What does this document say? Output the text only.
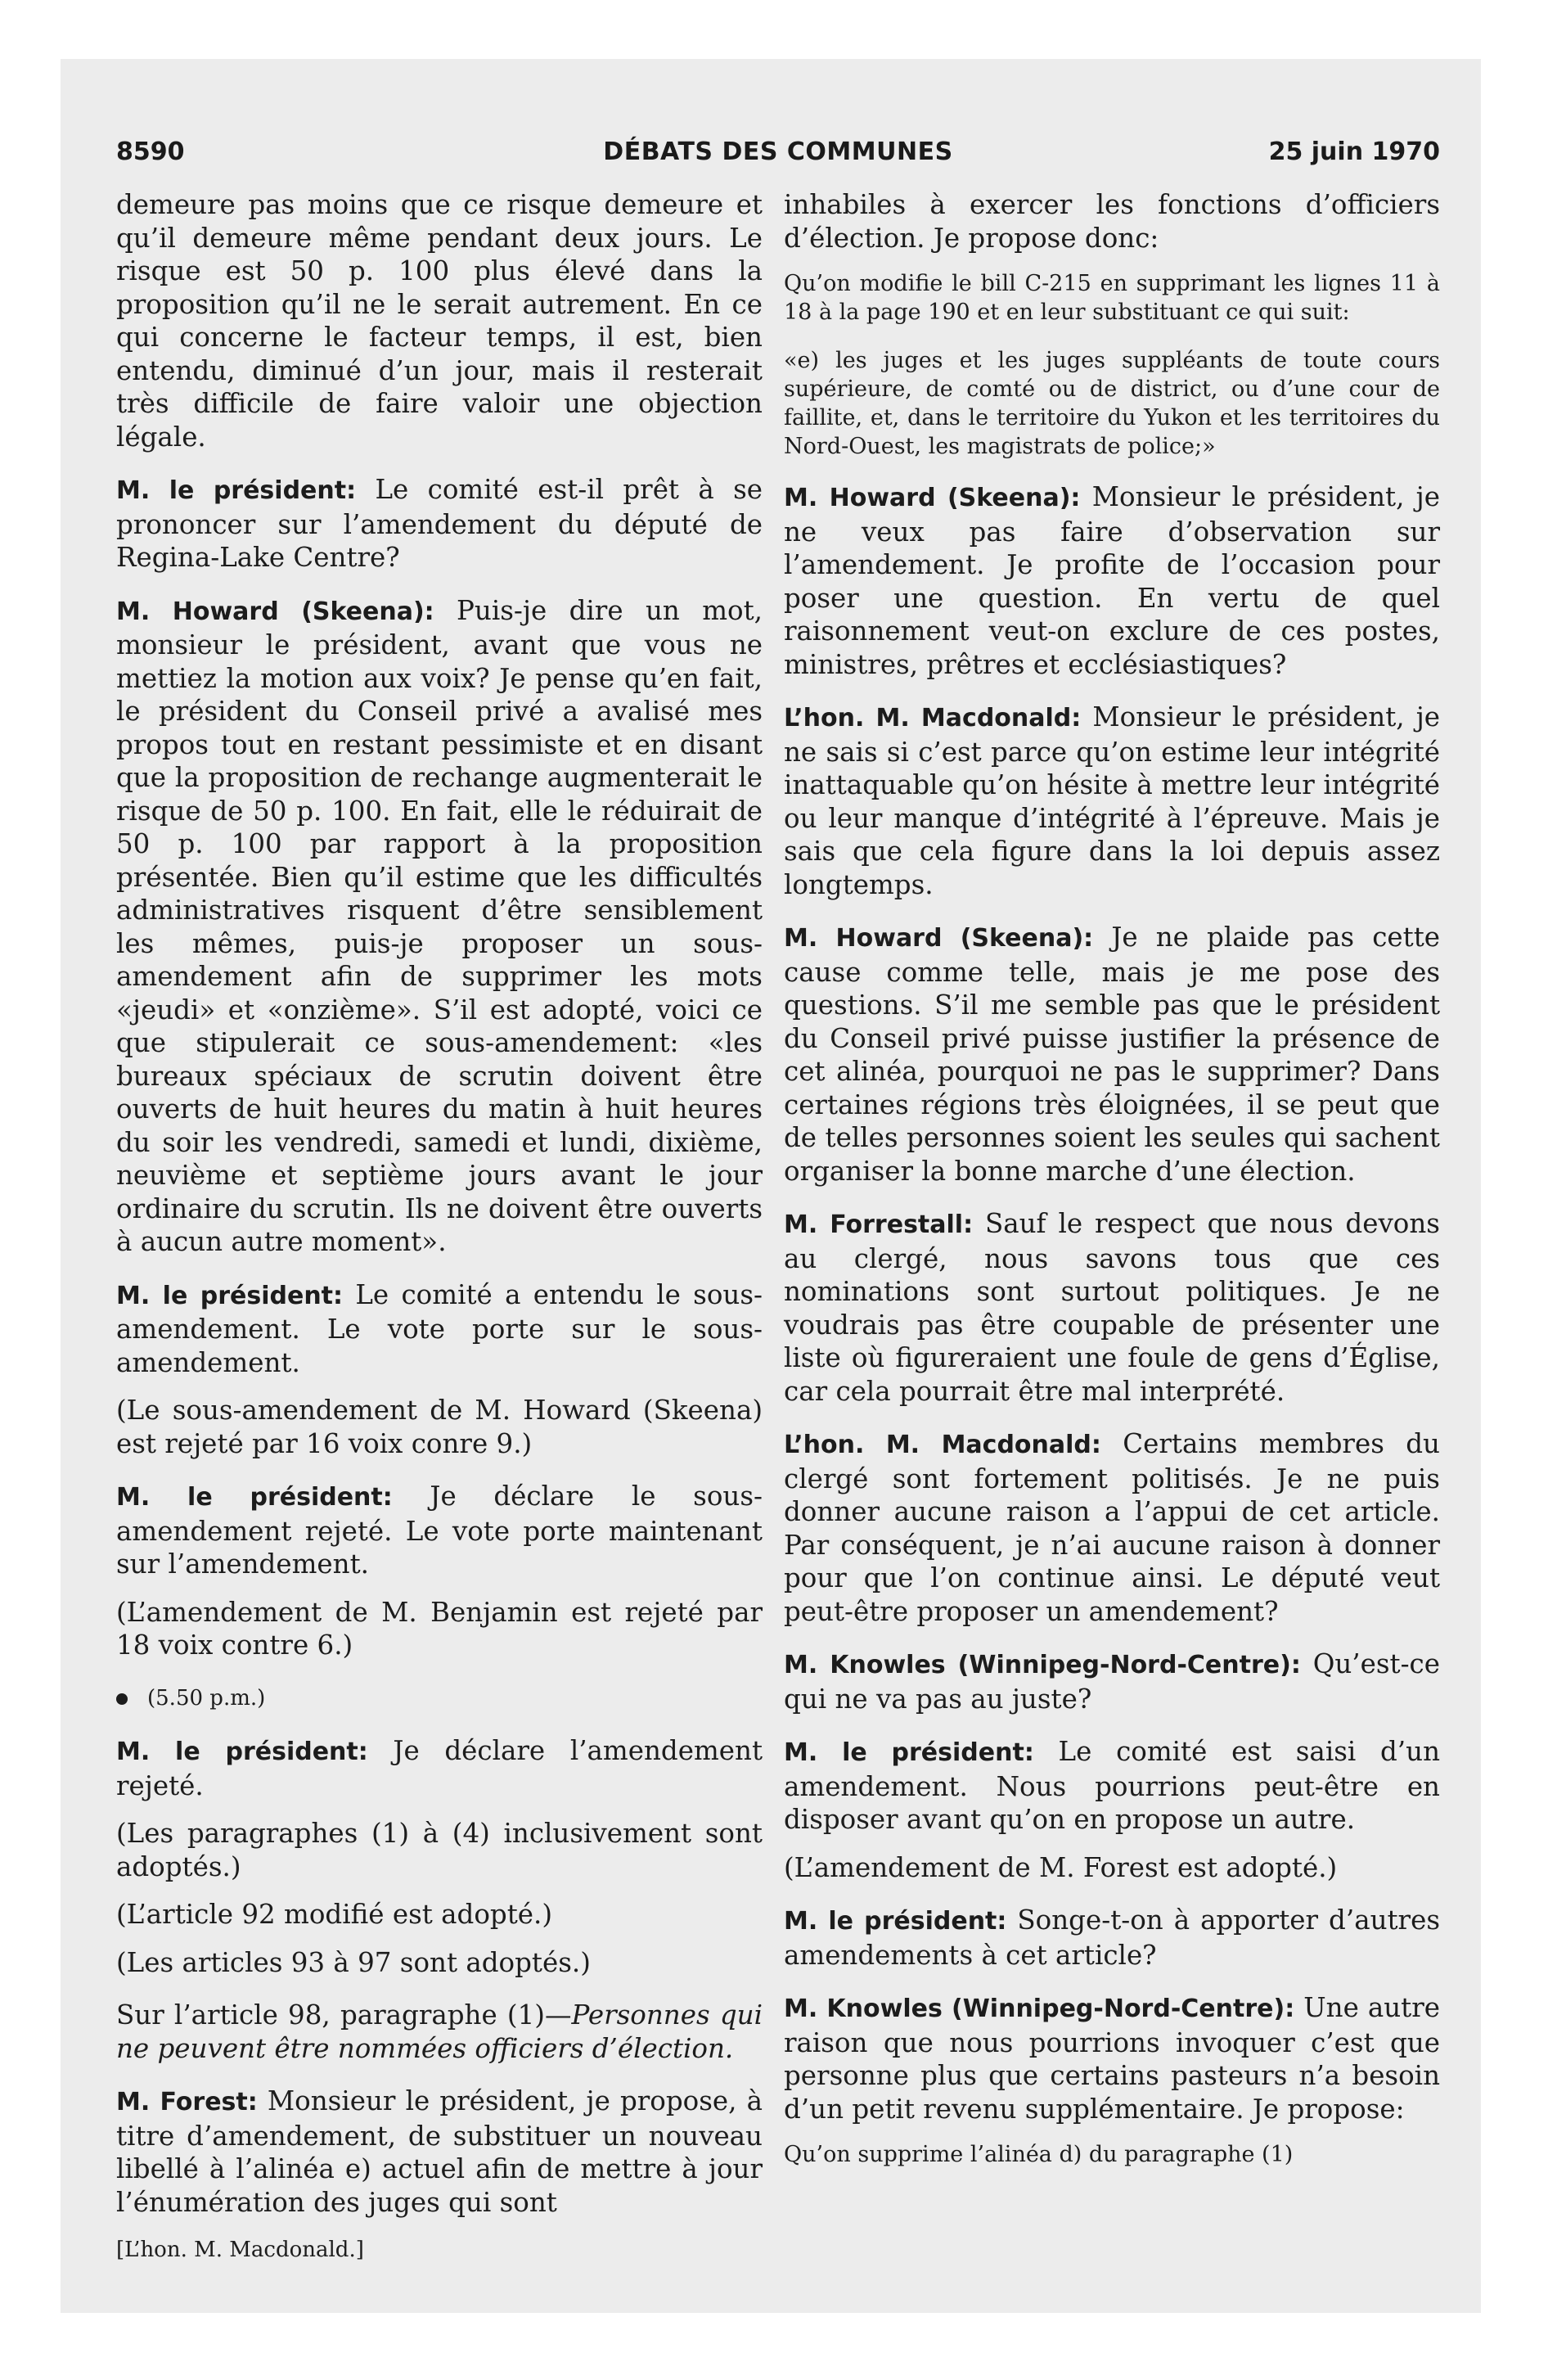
8590	DÉBATS DES COMMUNES	25 juin 1970

demeure pas moins que ce risque demeure et qu’il demeure même pendant deux jours. Le risque est 50 p. 100 plus élevé dans la proposition qu’il ne le serait autrement. En ce qui concerne le facteur temps, il est, bien entendu, diminué d’un jour, mais il resterait très difficile de faire valoir une objection légale.

M. le président: Le comité est-il prêt à se prononcer sur l’amendement du député de Regina-Lake Centre?

M. Howard (Skeena): Puis-je dire un mot, monsieur le président, avant que vous ne mettiez la motion aux voix? Je pense qu’en fait, le président du Conseil privé a avalisé mes propos tout en restant pessimiste et en disant que la proposition de rechange augmenterait le risque de 50 p. 100. En fait, elle le réduirait de 50 p. 100 par rapport à la proposition présentée. Bien qu’il estime que les difficultés administratives risquent d’être sensiblement les mêmes, puis-je proposer un sous-amendement afin de supprimer les mots «jeudi» et «onzième». S’il est adopté, voici ce que stipulerait ce sous-amendement: «les bureaux spéciaux de scrutin doivent être ouverts de huit heures du matin à huit heures du soir les vendredi, samedi et lundi, dixième, neuvième et septième jours avant le jour ordinaire du scrutin. Ils ne doivent être ouverts à aucun autre moment».

M. le président: Le comité a entendu le sous-amendement. Le vote porte sur le sous-amendement.

(Le sous-amendement de M. Howard (Skeena) est rejeté par 16 voix conre 9.)

M. le président: Je déclare le sous-amendement rejeté. Le vote porte maintenant sur l’amendement.

(L’amendement de M. Benjamin est rejeté par 18 voix contre 6.)

(5.50 p.m.)

M. le président: Je déclare l’amendement rejeté.

(Les paragraphes (1) à (4) inclusivement sont adoptés.)

(L’article 92 modifié est adopté.)

(Les articles 93 à 97 sont adoptés.)

Sur l’article 98, paragraphe (1)—Personnes qui ne peuvent être nommées officiers d’élection.

M. Forest: Monsieur le président, je propose, à titre d’amendement, de substituer un nouveau libellé à l’alinéa e) actuel afin de mettre à jour l’énumération des juges qui sont

[L’hon. M. Macdonald.]

inhabiles à exercer les fonctions d’officiers d’élection. Je propose donc:

Qu’on modifie le bill C-215 en supprimant les lignes 11 à 18 à la page 190 et en leur substituant ce qui suit:

«e) les juges et les juges suppléants de toute cours supérieure, de comté ou de district, ou d’une cour de faillite, et, dans le territoire du Yukon et les territoires du Nord-Ouest, les magistrats de police;»

M. Howard (Skeena): Monsieur le président, je ne veux pas faire d’observation sur l’amendement. Je profite de l’occasion pour poser une question. En vertu de quel raisonnement veut-on exclure de ces postes, ministres, prêtres et ecclésiastiques?

L’hon. M. Macdonald: Monsieur le président, je ne sais si c’est parce qu’on estime leur intégrité inattaquable qu’on hésite à mettre leur intégrité ou leur manque d’intégrité à l’épreuve. Mais je sais que cela figure dans la loi depuis assez longtemps.

M. Howard (Skeena): Je ne plaide pas cette cause comme telle, mais je me pose des questions. S’il me semble pas que le président du Conseil privé puisse justifier la présence de cet alinéa, pourquoi ne pas le supprimer? Dans certaines régions très éloignées, il se peut que de telles personnes soient les seules qui sachent organiser la bonne marche d’une élection.

M. Forrestall: Sauf le respect que nous devons au clergé, nous savons tous que ces nominations sont surtout politiques. Je ne voudrais pas être coupable de présenter une liste où figureraient une foule de gens d’Église, car cela pourrait être mal interprété.

L’hon. M. Macdonald: Certains membres du clergé sont fortement politisés. Je ne puis donner aucune raison a l’appui de cet article. Par conséquent, je n’ai aucune raison à donner pour que l’on continue ainsi. Le député veut peut-être proposer un amendement?

M. Knowles (Winnipeg-Nord-Centre): Qu’est-ce qui ne va pas au juste?

M. le président: Le comité est saisi d’un amendement. Nous pourrions peut-être en disposer avant qu’on en propose un autre.

(L’amendement de M. Forest est adopté.)

M. le président: Songe-t-on à apporter d’autres amendements à cet article?

M. Knowles (Winnipeg-Nord-Centre): Une autre raison que nous pourrions invoquer c’est que personne plus que certains pasteurs n’a besoin d’un petit revenu supplémentaire. Je propose:

Qu’on supprime l’alinéa d) du paragraphe (1)
